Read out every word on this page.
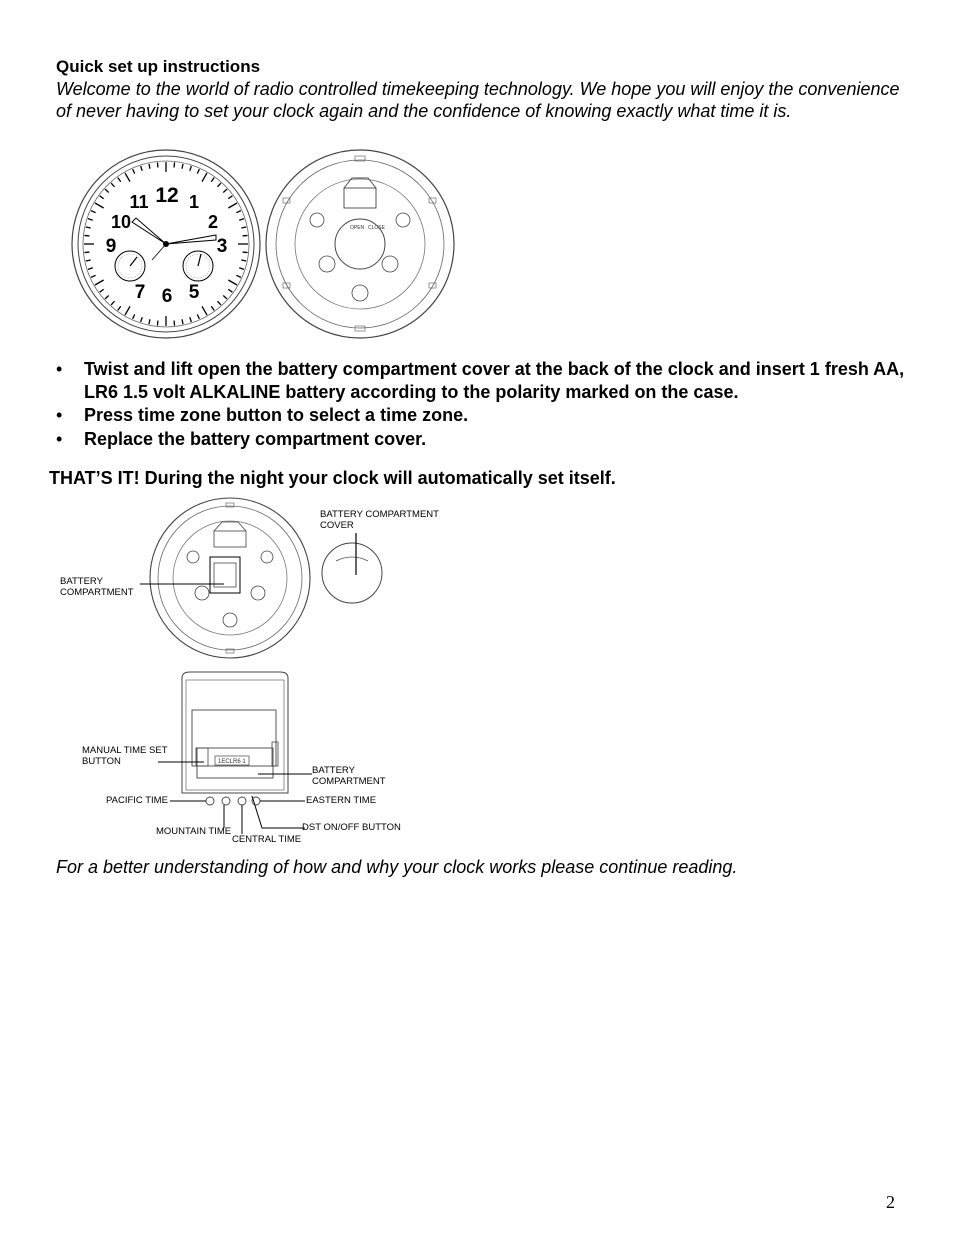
Quick set up instructions
Welcome to the world of radio controlled timekeeping technology. We hope you will enjoy the convenience of never having to set your clock again and the confidence of knowing exactly what time it is.
12 1
2
3
5
6
7
9
10
11
OPEN CLOSE
• Twist and lift open the battery compartment cover at the back of the clock and insert 1 fresh AA, LR6 1.5 volt ALKALINE battery according to the polarity marked on the case.
• Press time zone button to select a time zone.
• Replace the battery compartment cover.
THAT’S IT! During the night your clock will automatically set itself.
BATTERY COMPARTMENT COVER
BATTERY COMPARTMENT
1ECLR6 1
MANUAL TIME SET BUTTON
BATTERY COMPARTMENT
PACIFIC TIME	EASTERN TIME
MOUNTAIN TIME	DST ON/OFF BUTTON
CENTRAL TIME
For a better understanding of how and why your clock works please continue reading.
2
